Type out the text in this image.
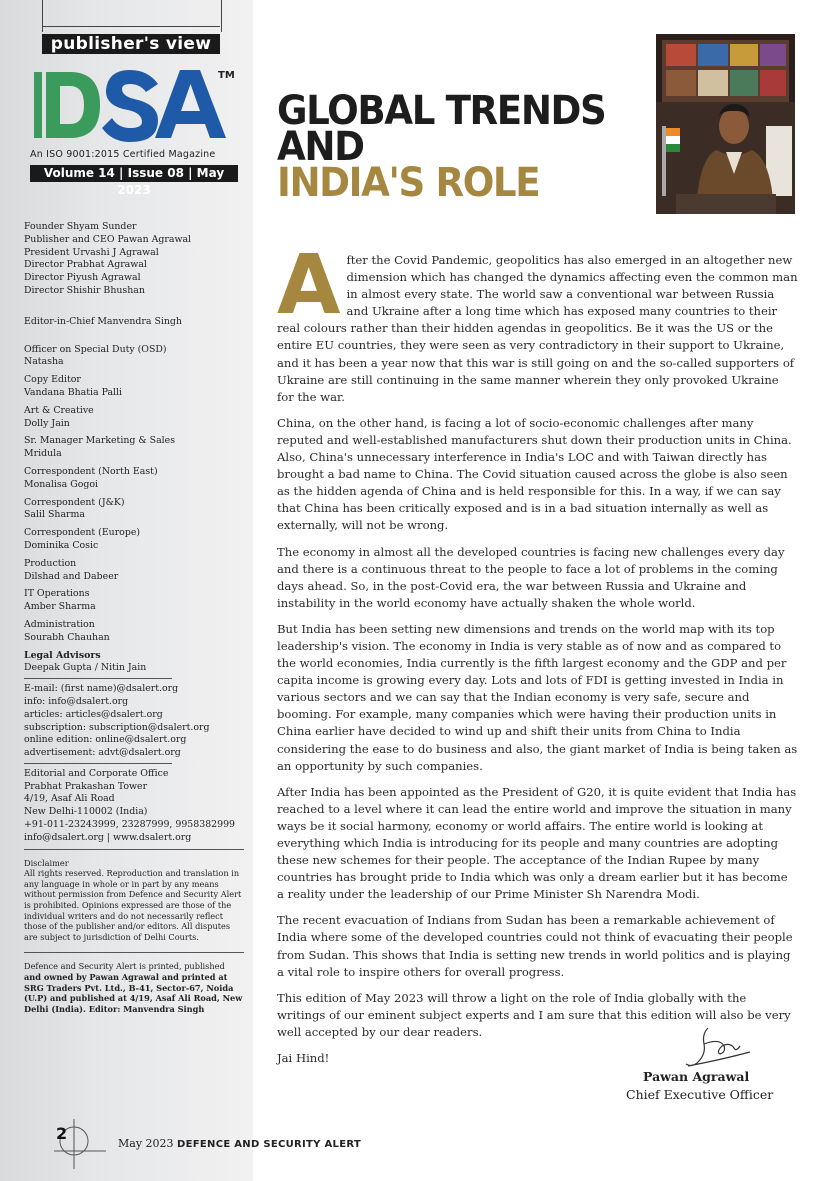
publisher's view
TM
An ISO 9001:2015 Certified Magazine
Volume 14 | Issue 08 | May 2023
Founder Shyam Sunder
Publisher and CEO Pawan Agrawal
President Urvashi J Agrawal
Director Prabhat Agrawal
Director Piyush Agrawal
Director Shishir Bhushan
Editor-in-Chief Manvendra Singh
Officer on Special Duty (OSD)
Natasha
Copy Editor
Vandana Bhatia Palli
Art & Creative
Dolly Jain
Sr. Manager Marketing & Sales
Mridula
Correspondent (North East)
Monalisa Gogoi
Correspondent (J&K)
Salil Sharma
Correspondent (Europe)
Dominika Cosic
Production
Dilshad and Dabeer
IT Operations
Amber Sharma
Administration
Sourabh Chauhan
Legal Advisors
Deepak Gupta / Nitin Jain
E-mail: (first name)@dsalert.org
info: info@dsalert.org
articles: articles@dsalert.org
subscription: subscription@dsalert.org
online edition: online@dsalert.org
advertisement: advt@dsalert.org
Editorial and Corporate Office
Prabhat Prakashan Tower
4/19, Asaf Ali Road
New Delhi-110002 (India)
+91-011-23243999, 23287999, 9958382999
info@dsalert.org | www.dsalert.org
Disclaimer
All rights reserved. Reproduction and translation in any language in whole or in part by any means without permission from Defence and Security Alert is prohibited. Opinions expressed are those of the individual writers and do not necessarily reflect those of the publisher and/or editors. All disputes are subject to jurisdiction of Delhi Courts.
Defence and Security Alert is printed, published and owned by Pawan Agrawal and printed at SRG Traders Pvt. Ltd., B-41, Sector-67, Noida (U.P) and published at 4/19, Asaf Ali Road, New Delhi (India). Editor: Manvendra Singh
2
May 2023 DEFENCE AND SECURITY ALERT
GLOBAL TRENDS
AND
INDIA'S ROLE

After the Covid Pandemic, geopolitics has also emerged in an altogether new dimension which has changed the dynamics affecting even the common man in almost every state. The world saw a conventional war between Russia and Ukraine after a long time which has exposed many countries to their real colours rather than their hidden agendas in geopolitics. Be it was the US or the entire EU countries, they were seen as very contradictory in their support to Ukraine, and it has been a year now that this war is still going on and the so-called supporters of Ukraine are still continuing in the same manner wherein they only provoked Ukraine for the war.

China, on the other hand, is facing a lot of socio-economic challenges after many reputed and well-established manufacturers shut down their production units in China. Also, China's unnecessary interference in India's LOC and with Taiwan directly has brought a bad name to China. The Covid situation caused across the globe is also seen as the hidden agenda of China and is held responsible for this. In a way, if we can say that China has been critically exposed and is in a bad situation internally as well as externally, will not be wrong.

The economy in almost all the developed countries is facing new challenges every day and there is a continuous threat to the people to face a lot of problems in the coming days ahead. So, in the post-Covid era, the war between Russia and Ukraine and instability in the world economy have actually shaken the whole world.

But India has been setting new dimensions and trends on the world map with its top leadership's vision. The economy in India is very stable as of now and as compared to the world economies, India currently is the fifth largest economy and the GDP and per capita income is growing every day. Lots and lots of FDI is getting invested in India in various sectors and we can say that the Indian economy is very safe, secure and booming. For example, many companies which were having their production units in China earlier have decided to wind up and shift their units from China to India considering the ease to do business and also, the giant market of India is being taken as an opportunity by such companies.

After India has been appointed as the President of G20, it is quite evident that India has reached to a level where it can lead the entire world and improve the situation in many ways be it social harmony, economy or world affairs. The entire world is looking at everything which India is introducing for its people and many countries are adopting these new schemes for their people. The acceptance of the Indian Rupee by many countries has brought pride to India which was only a dream earlier but it has become a reality under the leadership of our Prime Minister Sh Narendra Modi.

The recent evacuation of Indians from Sudan has been a remarkable achievement of India where some of the developed countries could not think of evacuating their people from Sudan. This shows that India is setting new trends in world politics and is playing a vital role to inspire others for overall progress.

This edition of May 2023 will throw a light on the role of India globally with the writings of our eminent subject experts and I am sure that this edition will also be very well accepted by our dear readers.

Jai Hind!

Pawan Agrawal
Chief Executive Officer
